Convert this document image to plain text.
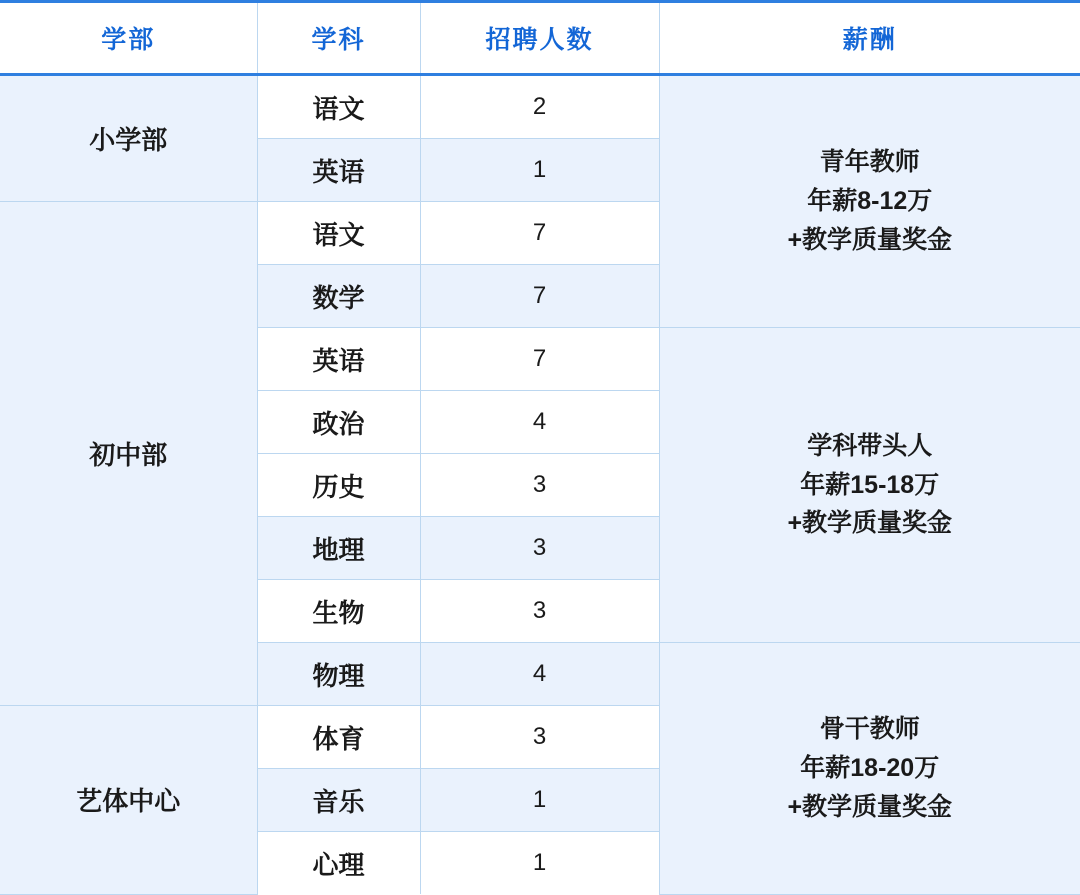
学部	学科	招聘人数	薪酬
小学部	语文	2	青年教师
年薪8-12万
+教学质量奖金

	英语	1	
初中部	语文	7	
	数学	7	
	英语	7	学科带头人
年薪15-18万
+教学质量奖金

	政治	4	
	历史	3	
	地理	3	
	生物	3	
	物理	4	骨干教师
年薪18-20万
+教学质量奖金

艺体中心	体育	3	
	音乐	1	
	心理	1	
